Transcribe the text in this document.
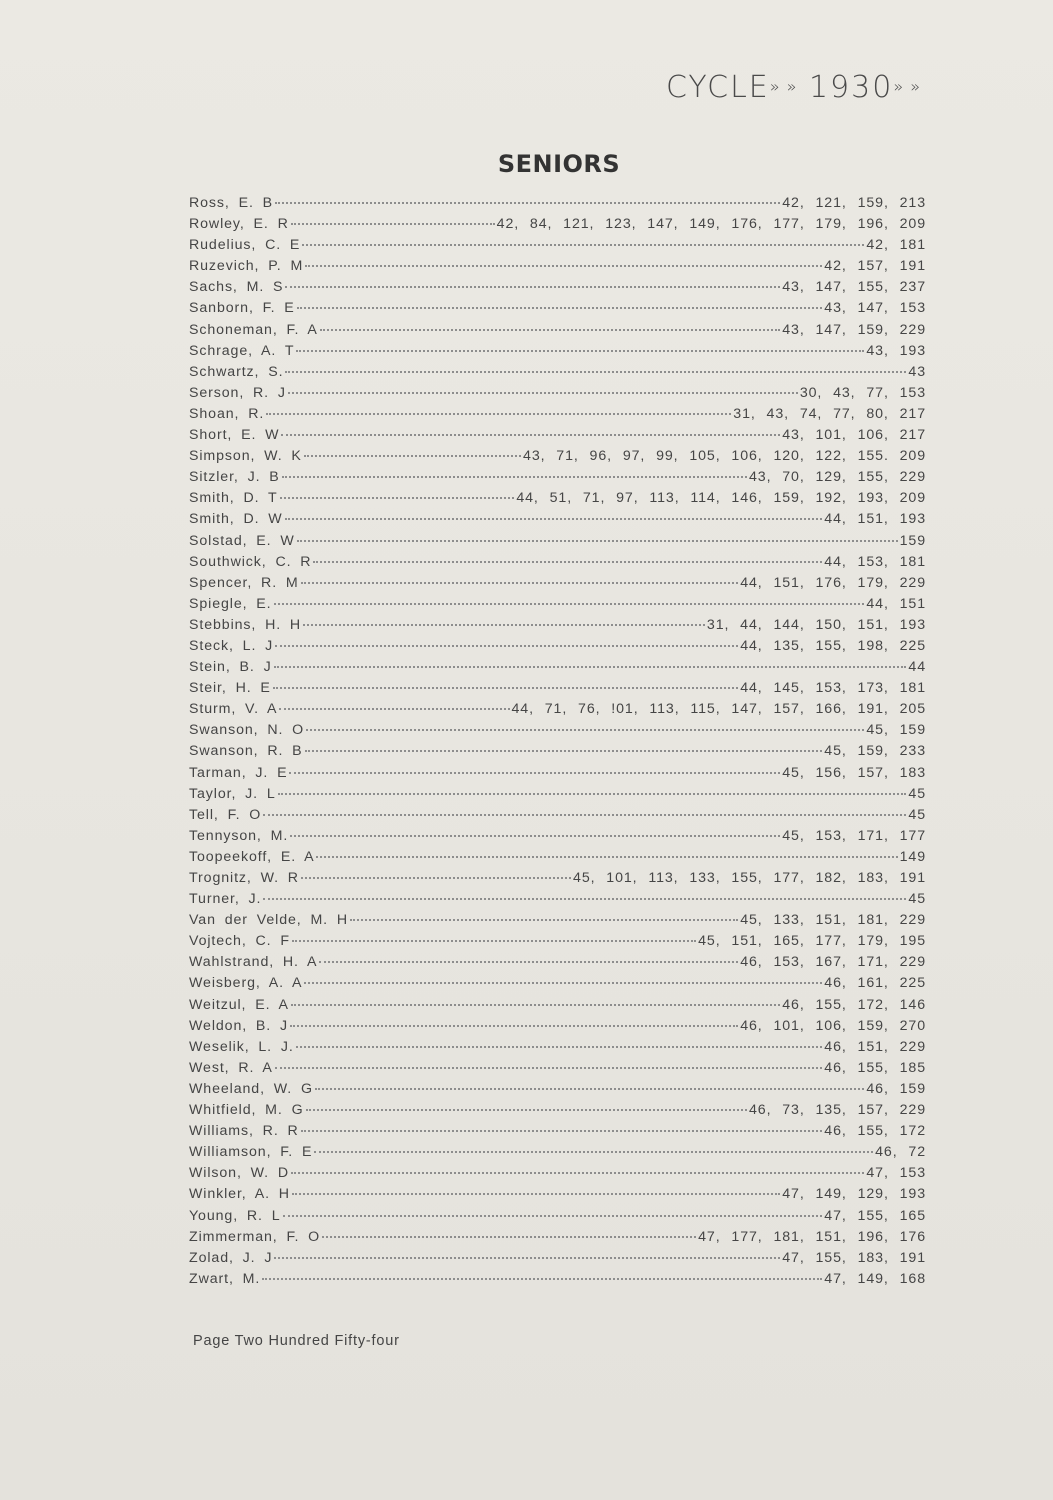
CYCLE» » 1930» »
SENIORS
Ross, E. B	42, 121, 159, 213
Rowley, E. R	42, 84, 121, 123, 147, 149, 176, 177, 179, 196, 209
Rudelius, C. E	42, 181
Ruzevich, P. M	42, 157, 191
Sachs, M. S	43, 147, 155, 237
Sanborn, F. E	43, 147, 153
Schoneman, F. A	43, 147, 159, 229
Schrage, A. T	43, 193
Schwartz, S.	43
Serson, R. J	30, 43, 77, 153
Shoan, R.	31, 43, 74, 77, 80, 217
Short, E. W	43, 101, 106, 217
Simpson, W. K	43, 71, 96, 97, 99, 105, 106, 120, 122, 155. 209
Sitzler, J. B	43, 70, 129, 155, 229
Smith, D. T	44, 51, 71, 97, 113, 114, 146, 159, 192, 193, 209
Smith, D. W	44, 151, 193
Solstad, E. W	159
Southwick, C. R	44, 153, 181
Spencer, R. M	44, 151, 176, 179, 229
Spiegle, E.	44, 151
Stebbins, H. H	31, 44, 144, 150, 151, 193
Steck, L. J	44, 135, 155, 198, 225
Stein, B. J	44
Steir, H. E	44, 145, 153, 173, 181
Sturm, V. A	44, 71, 76, !01, 113, 115, 147, 157, 166, 191, 205
Swanson, N. O	45, 159
Swanson, R. B	45, 159, 233
Tarman, J. E	45, 156, 157, 183
Taylor, J. L	45
Tell, F. O	45
Tennyson, M.	45, 153, 171, 177
Toopeekoff, E. A	149
Trognitz, W. R	45, 101, 113, 133, 155, 177, 182, 183, 191
Turner, J.	45
Van der Velde, M. H	45, 133, 151, 181, 229
Vojtech, C. F	45, 151, 165, 177, 179, 195
Wahlstrand, H. A	46, 153, 167, 171, 229
Weisberg, A. A	46, 161, 225
Weitzul, E. A	46, 155, 172, 146
Weldon, B. J	46, 101, 106, 159, 270
Weselik, L. J.	46, 151, 229
West, R. A	46, 155, 185
Wheeland, W. G	46, 159
Whitfield, M. G	46, 73, 135, 157, 229
Williams, R. R	46, 155, 172
Williamson, F. E	46, 72
Wilson, W. D	47, 153
Winkler, A. H	47, 149, 129, 193
Young, R. L	47, 155, 165
Zimmerman, F. O	47, 177, 181, 151, 196, 176
Zolad, J. J	47, 155, 183, 191
Zwart, M.	47, 149, 168
Page Two Hundred Fifty-four
